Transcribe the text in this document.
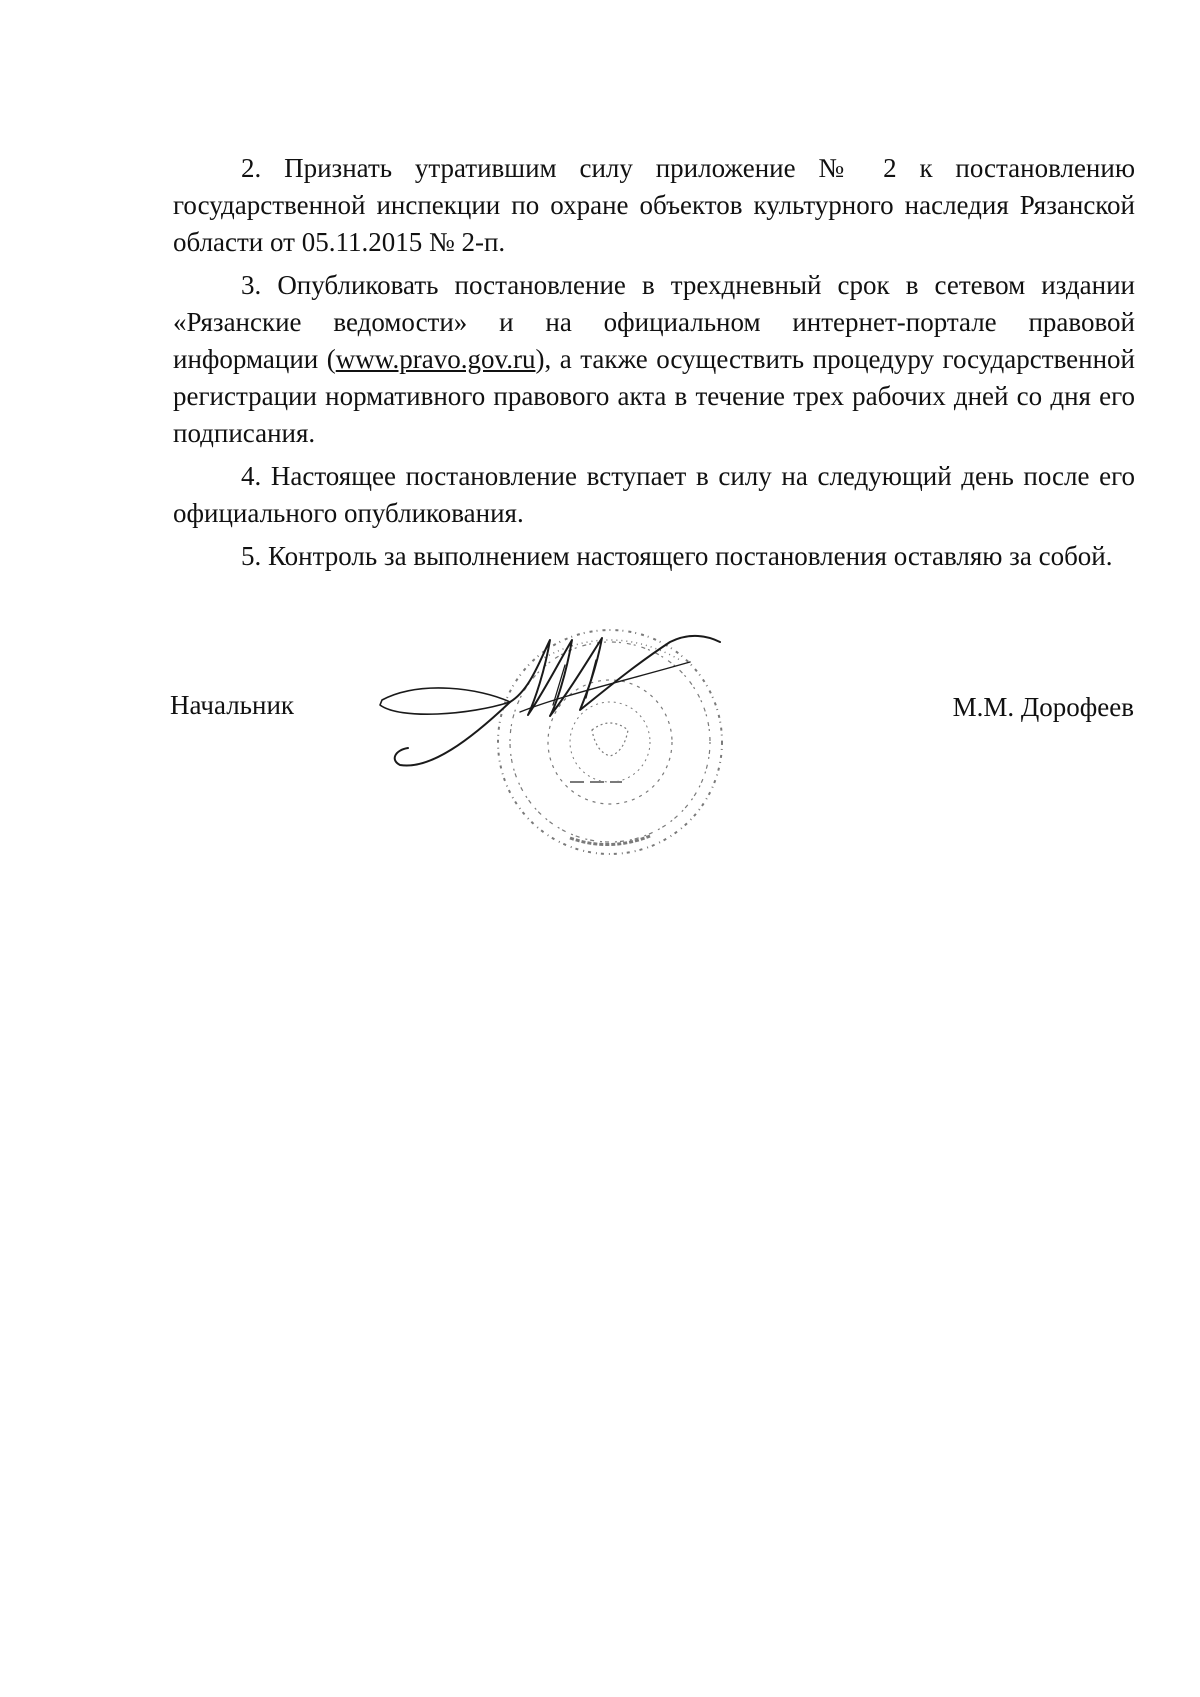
2. Признать утратившим силу приложение № 2 к постановлению государственной инспекции по охране объектов культурного наследия Рязанской области от 05.11.2015 № 2-п.

3. Опубликовать постановление в трехдневный срок в сетевом издании «Рязанские ведомости» и на официальном интернет-портале правовой информации (www.pravo.gov.ru), а также осуществить процедуру государственной регистрации нормативного правового акта в течение трех рабочих дней со дня его подписания.

4. Настоящее постановление вступает в силу на следующий день после его официального опубликования.

5. Контроль за выполнением настоящего постановления оставляю за собой.

Начальник	М.М. Дорофеев
